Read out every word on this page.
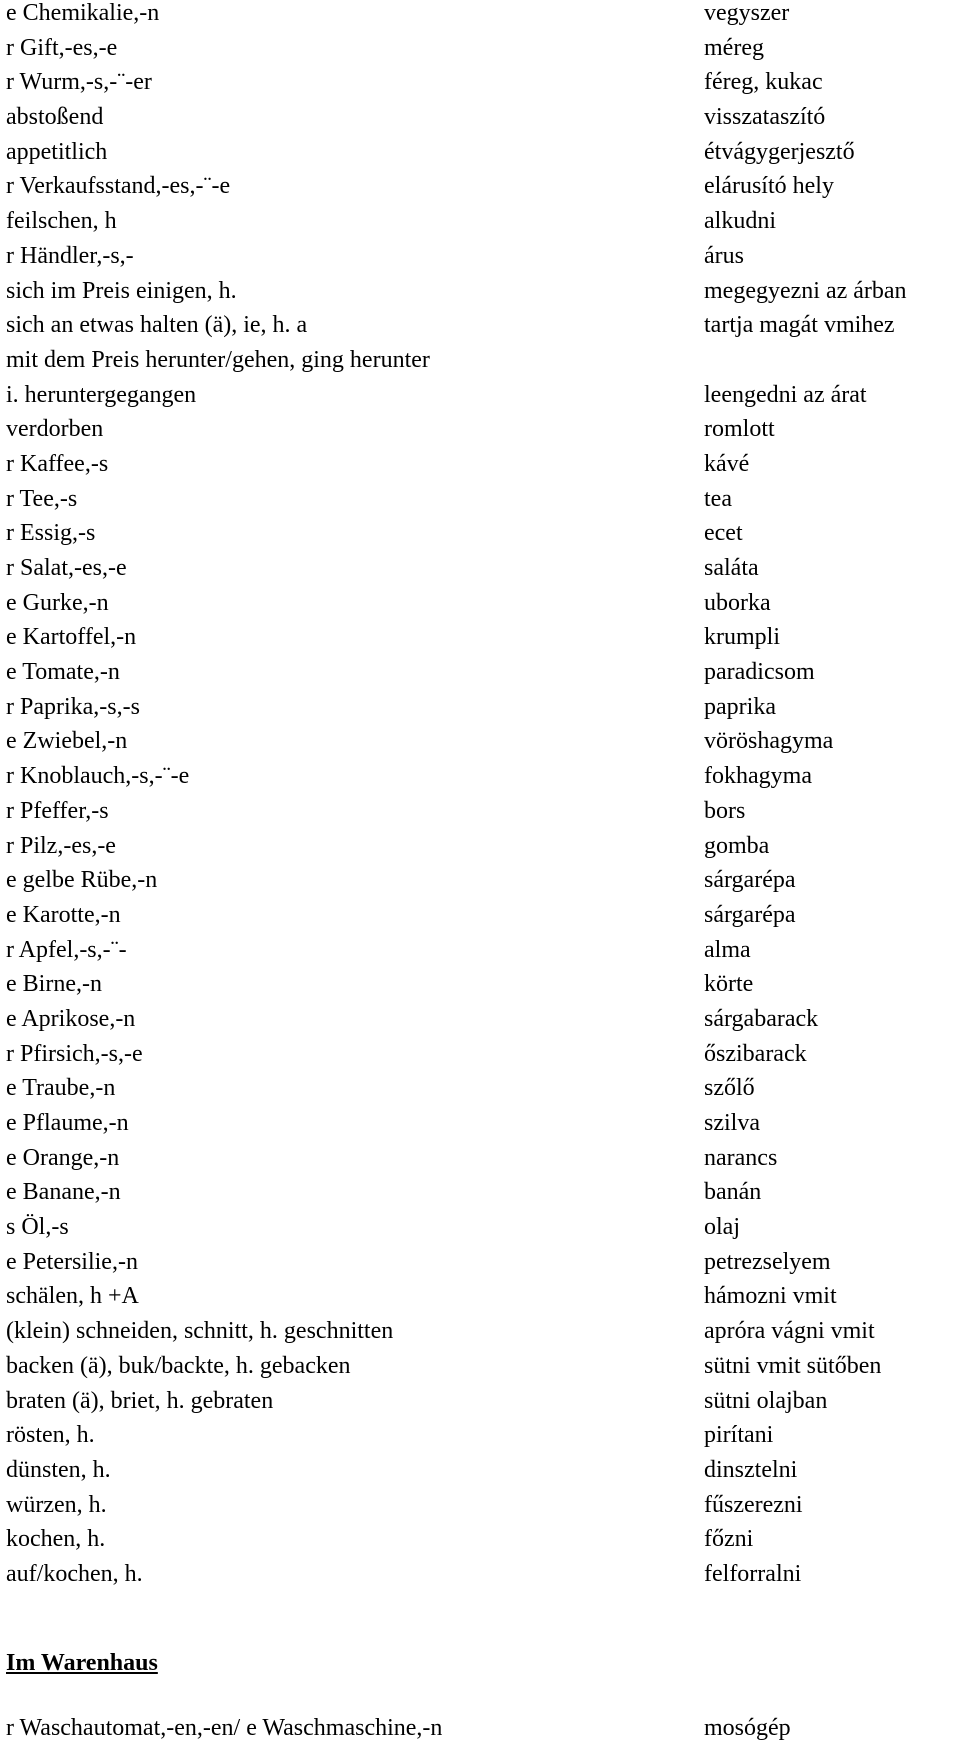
e Chemikalie,-n	vegyszer
r Gift,-es,-e	méreg
r Wurm,-s,-¨-er	féreg, kukac
abstoßend	visszataszító
appetitlich	étvágygerjesztő
r Verkaufsstand,-es,-¨-e	elárusító hely
feilschen, h	alkudni
r Händler,-s,-	árus
sich im Preis einigen, h.	megegyezni az árban
sich an etwas halten (ä), ie, h. a	tartja magát vmihez
mit dem Preis herunter/gehen, ging herunter
i. heruntergegangen	leengedni az árat
verdorben	romlott
r Kaffee,-s	kávé
r Tee,-s	tea
r Essig,-s	ecet
r Salat,-es,-e	saláta
e Gurke,-n	uborka
e Kartoffel,-n	krumpli
e Tomate,-n	paradicsom
r Paprika,-s,-s	paprika
e Zwiebel,-n	vöröshagyma
r Knoblauch,-s,-¨-e	fokhagyma
r Pfeffer,-s	bors
r Pilz,-es,-e	gomba
e gelbe Rübe,-n	sárgarépa
e Karotte,-n	sárgarépa
r Apfel,-s,-¨-	alma
e Birne,-n	körte
e Aprikose,-n	sárgabarack
r Pfirsich,-s,-e	őszibarack
e Traube,-n	szőlő
e Pflaume,-n	szilva
e Orange,-n	narancs
e Banane,-n	banán
s Öl,-s	olaj
e Petersilie,-n	petrezselyem
schälen, h +A	hámozni vmit
(klein) schneiden, schnitt, h. geschnitten	apróra vágni vmit
backen (ä), buk/backte, h. gebacken	sütni vmit sütőben
braten (ä), briet, h. gebraten	sütni olajban
rösten, h.	pirítani
dünsten, h.	dinsztelni
würzen, h.	fűszerezni
kochen, h.	főzni
auf/kochen, h.	felforralni
Im Warenhaus
r Waschautomat,-en,-en/ e Waschmaschine,-n	mosógép
